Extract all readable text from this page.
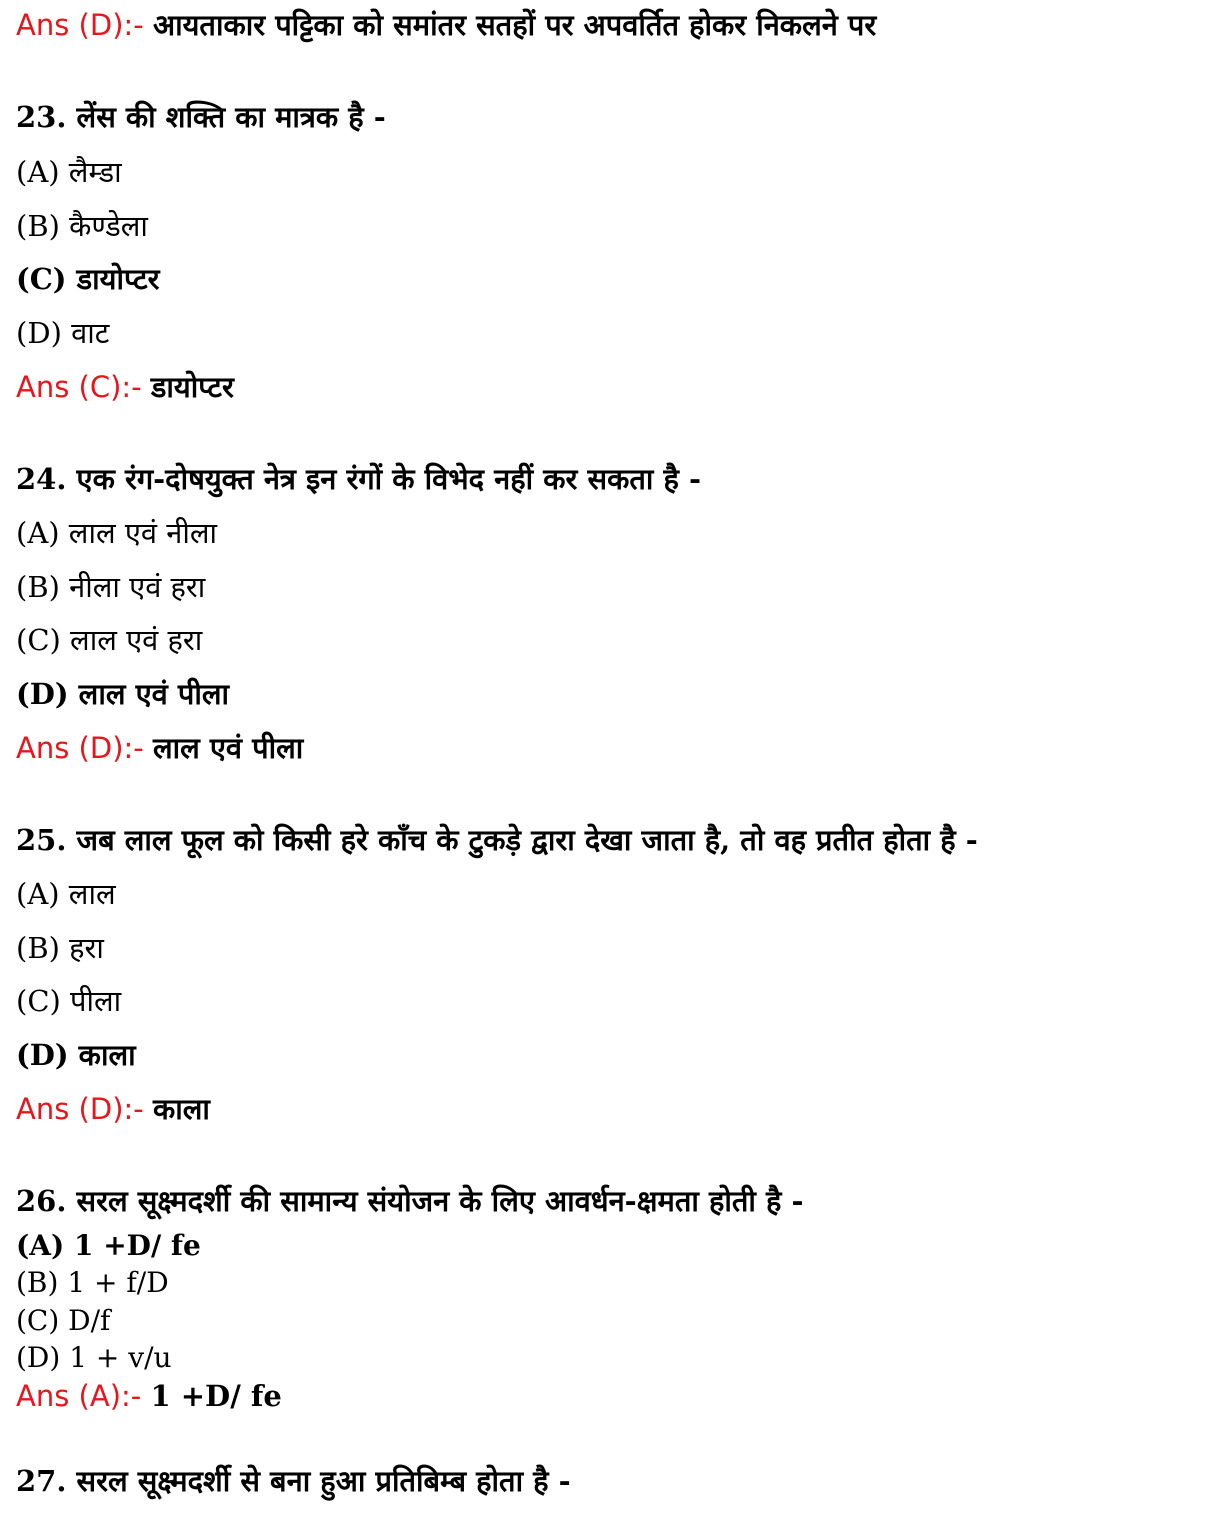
Ans (D):- आयताकार पट्टिका को समांतर सतहों पर अपवर्तित होकर निकलने पर
23. लेंस की शक्ति का मात्रक है -
(A) लैम्डा
(B) कैण्डेला
(C) डायोप्टर
(D) वाट
Ans (C):- डायोप्टर
24. एक रंग-दोषयुक्त नेत्र इन रंगों के विभेद नहीं कर सकता है -
(A) लाल एवं नीला
(B) नीला एवं हरा
(C) लाल एवं हरा
(D) लाल एवं पीला
Ans (D):- लाल एवं पीला
25. जब लाल फूल को किसी हरे काँच के टुकड़े द्वारा देखा जाता है, तो वह प्रतीत होता है -
(A) लाल
(B) हरा
(C) पीला
(D) काला
Ans (D):- काला
26. सरल सूक्ष्मदर्शी की सामान्य संयोजन के लिए आवर्धन-क्षमता होती है -
(A) 1 +D/ fe
(B) 1 + f/D
(C) D/f
(D) 1 + v/u
Ans (A):- 1 +D/ fe
27. सरल सूक्ष्मदर्शी से बना हुआ प्रतिबिम्ब होता है -
